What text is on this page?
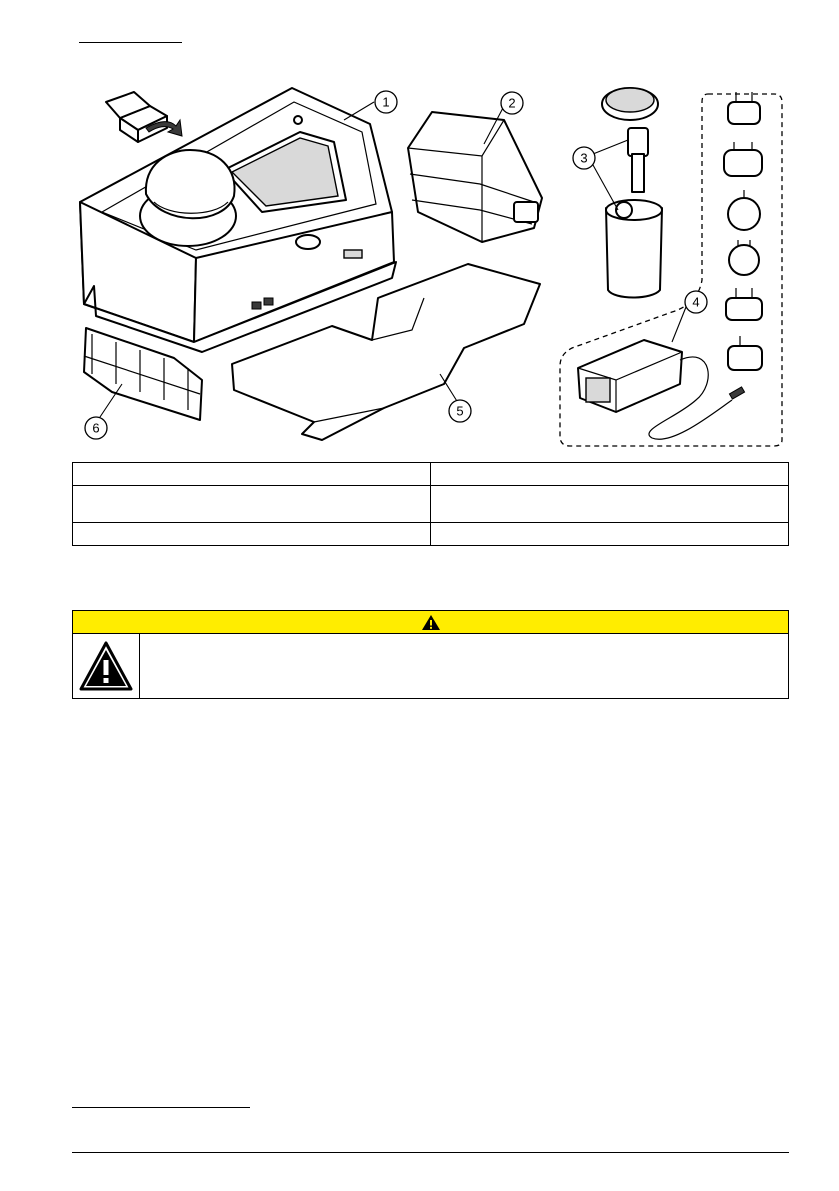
1	2
3
4
5
6
